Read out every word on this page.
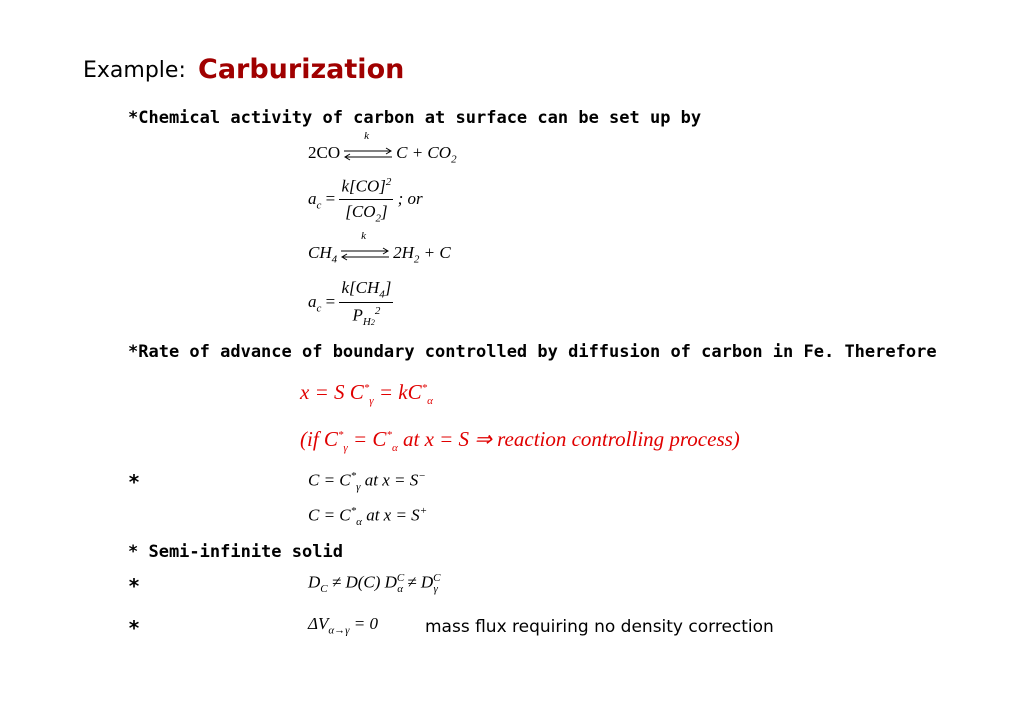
Example: Carburization
*Chemical activity of carbon at surface can be set up by
2CO
k
$C + CO_2$
$a_c = \frac{k[CO]^2}{[CO_2]}$ ; or
$CH_4$
k
$2H_2 + C$
$a_c = \frac{k[CH_4]}{P_{H2}^2}$
*Rate of advance of boundary controlled by diffusion of carbon in Fe. Therefore
x = S $C^*_\gamma = kC^*_\alpha$
(if $C^*_\gamma = C^*_\alpha$ at x = S ⇒ reaction controlling process)
*	$C = C^*_\gamma$ at x = S−
$C = C^*_\alpha$ at x = S+
* Semi-infinite solid
*	$D_C \ne D(C) D^C_\alpha \ne D^C_\gamma$
*	$\Delta V_{\alpha\to\gamma} = 0$	mass flux requiring no density correction
